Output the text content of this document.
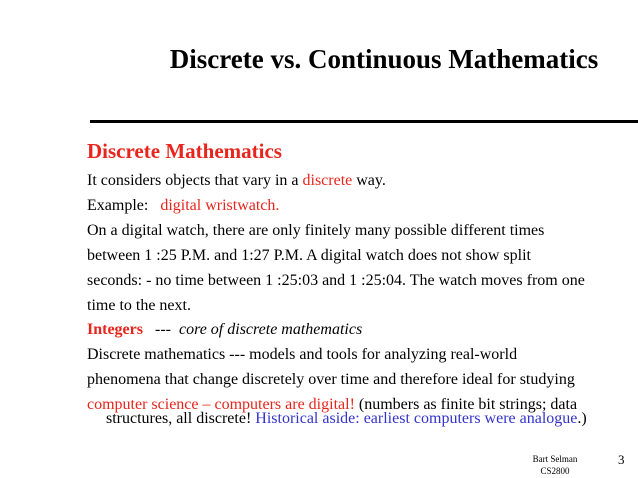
Discrete vs. Continuous Mathematics
Discrete Mathematics
It considers objects that vary in a discrete way.
Example:   digital wristwatch.
On a digital watch, there are only finitely many possible different times
between 1 :25 P.M. and 1:27 P.M. A digital watch does not show split
seconds: - no time between 1 :25:03 and 1 :25:04. The watch moves from one
time to the next.
Integers   ---  core of discrete mathematics
Discrete mathematics --- models and tools for analyzing real-world
phenomena that change discretely over time and therefore ideal for studying
computer science – computers are digital! (numbers as finite bit strings; data
structures, all discrete! Historical aside: earliest computers were analogue.)
Bart Selman
CS2800
3
